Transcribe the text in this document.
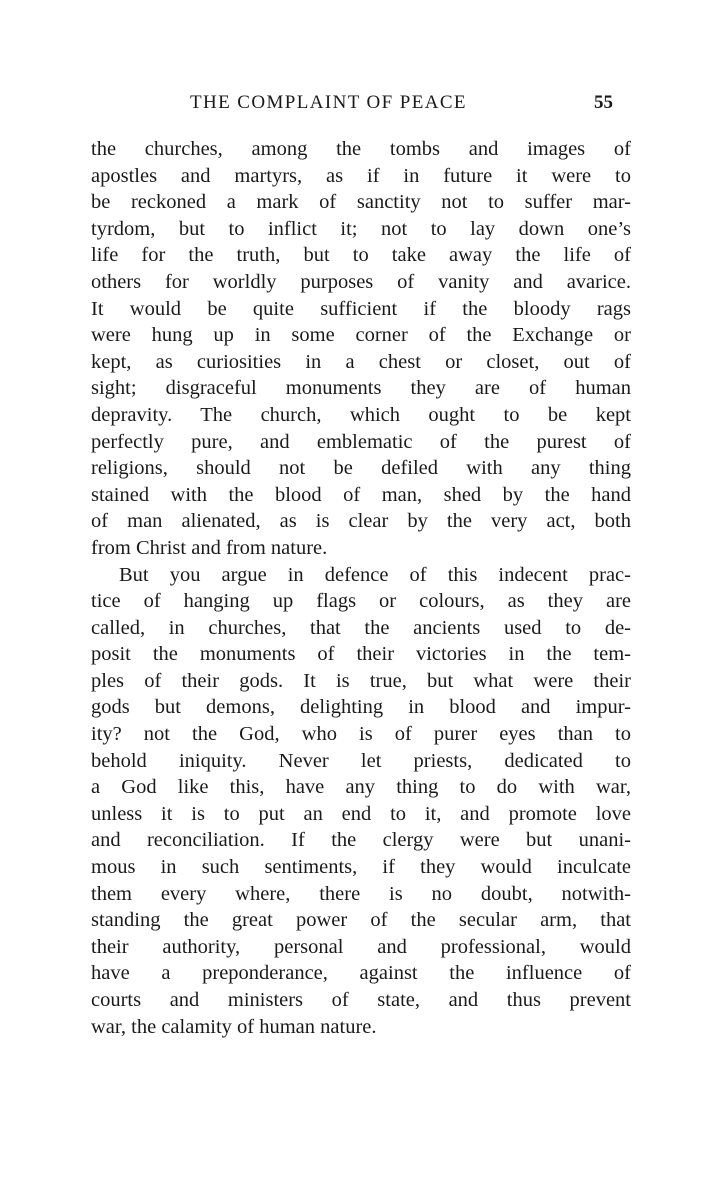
THE COMPLAINT OF PEACE	55
the churches, among the tombs and images of
apostles and martyrs, as if in future it were to
be reckoned a mark of sanctity not to suffer mar-
tyrdom, but to inflict it; not to lay down one’s
life for the truth, but to take away the life of
others for worldly purposes of vanity and avarice.
It would be quite sufficient if the bloody rags
were hung up in some corner of the Exchange or
kept, as curiosities in a chest or closet, out of
sight; disgraceful monuments they are of human
depravity. The church, which ought to be kept
perfectly pure, and emblematic of the purest of
religions, should not be defiled with any thing
stained with the blood of man, shed by the hand
of man alienated, as is clear by the very act, both
from Christ and from nature.
But you argue in defence of this indecent prac-
tice of hanging up flags or colours, as they are
called, in churches, that the ancients used to de-
posit the monuments of their victories in the tem-
ples of their gods. It is true, but what were their
gods but demons, delighting in blood and impur-
ity? not the God, who is of purer eyes than to
behold iniquity. Never let priests, dedicated to
a God like this, have any thing to do with war,
unless it is to put an end to it, and promote love
and reconciliation. If the clergy were but unani-
mous in such sentiments, if they would inculcate
them every where, there is no doubt, notwith-
standing the great power of the secular arm, that
their authority, personal and professional, would
have a preponderance, against the influence of
courts and ministers of state, and thus prevent
war, the calamity of human nature.
